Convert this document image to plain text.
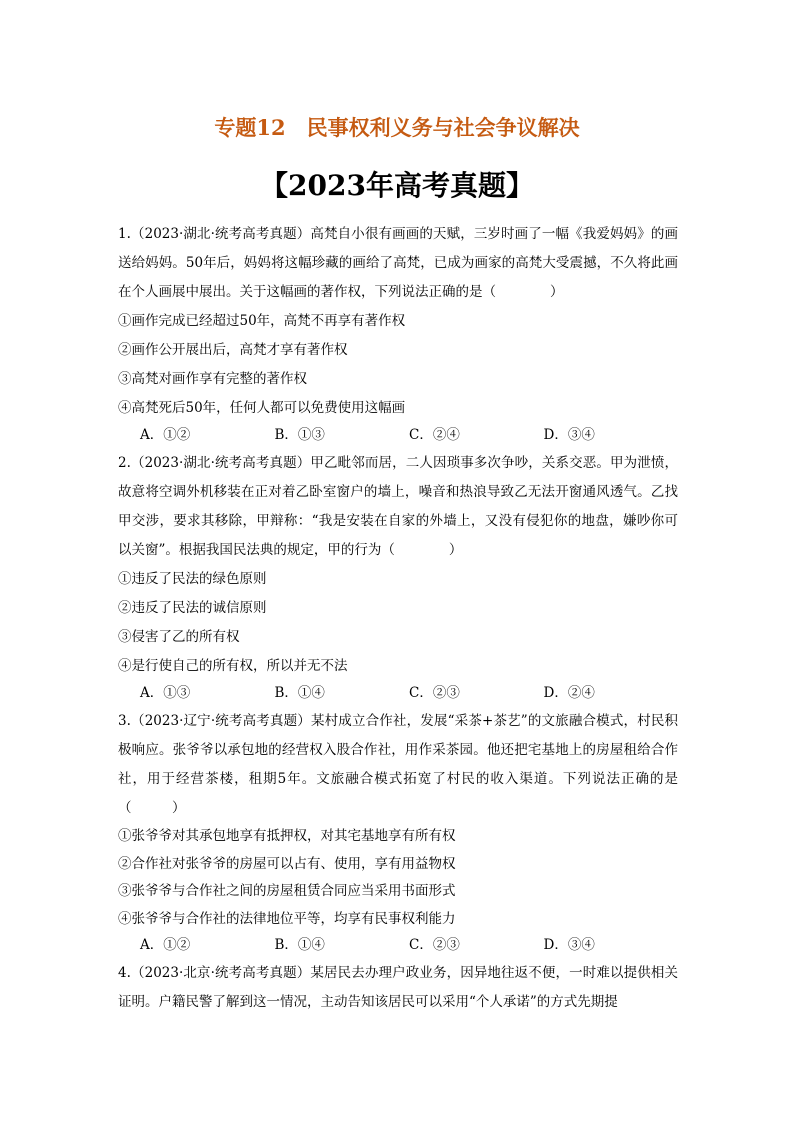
专题12　民事权利义务与社会争议解决
【2023年高考真题】

1.（2023·湖北·统考高考真题）高梵自小很有画画的天赋，三岁时画了一幅《我爱妈妈》的画送给妈妈。50年后，妈妈将这幅珍藏的画给了高梵，已成为画家的高梵大受震撼，不久将此画在个人画展中展出。关于这幅画的著作权，下列说法正确的是（　　　　）

①画作完成已经超过50年，高梵不再享有著作权

②画作公开展出后，高梵才享有著作权

③高梵对画作享有完整的著作权

④高梵死后50年，任何人都可以免费使用这幅画

A．①②	B．①③	C．②④	D．③④

2.（2023·湖北·统考高考真题）甲乙毗邻而居，二人因琐事多次争吵，关系交恶。甲为泄愤，故意将空调外机移装在正对着乙卧室窗户的墙上，噪音和热浪导致乙无法开窗通风透气。乙找甲交涉，要求其移除，甲辩称：“我是安装在自家的外墙上，又没有侵犯你的地盘，嫌吵你可以关窗”。根据我国民法典的规定，甲的行为（　　　　）

①违反了民法的绿色原则

②违反了民法的诚信原则

③侵害了乙的所有权

④是行使自己的所有权，所以并无不法

A．①③	B．①④	C．②③	D．②④

3.（2023·辽宁·统考高考真题）某村成立合作社，发展“采茶+茶艺”的文旅融合模式，村民积极响应。张爷爷以承包地的经营权入股合作社，用作采茶园。他还把宅基地上的房屋租给合作社，用于经营茶楼，租期5年。文旅融合模式拓宽了村民的收入渠道。下列说法正确的是（　　　）

①张爷爷对其承包地享有抵押权，对其宅基地享有所有权

②合作社对张爷爷的房屋可以占有、使用，享有用益物权

③张爷爷与合作社之间的房屋租赁合同应当采用书面形式

④张爷爷与合作社的法律地位平等，均享有民事权利能力

A．①②	B．①④	C．②③	D．③④

4.（2023·北京·统考高考真题）某居民去办理户政业务，因异地往返不便，一时难以提供相关证明。户籍民警了解到这一情况，主动告知该居民可以采用“个人承诺”的方式先期提
